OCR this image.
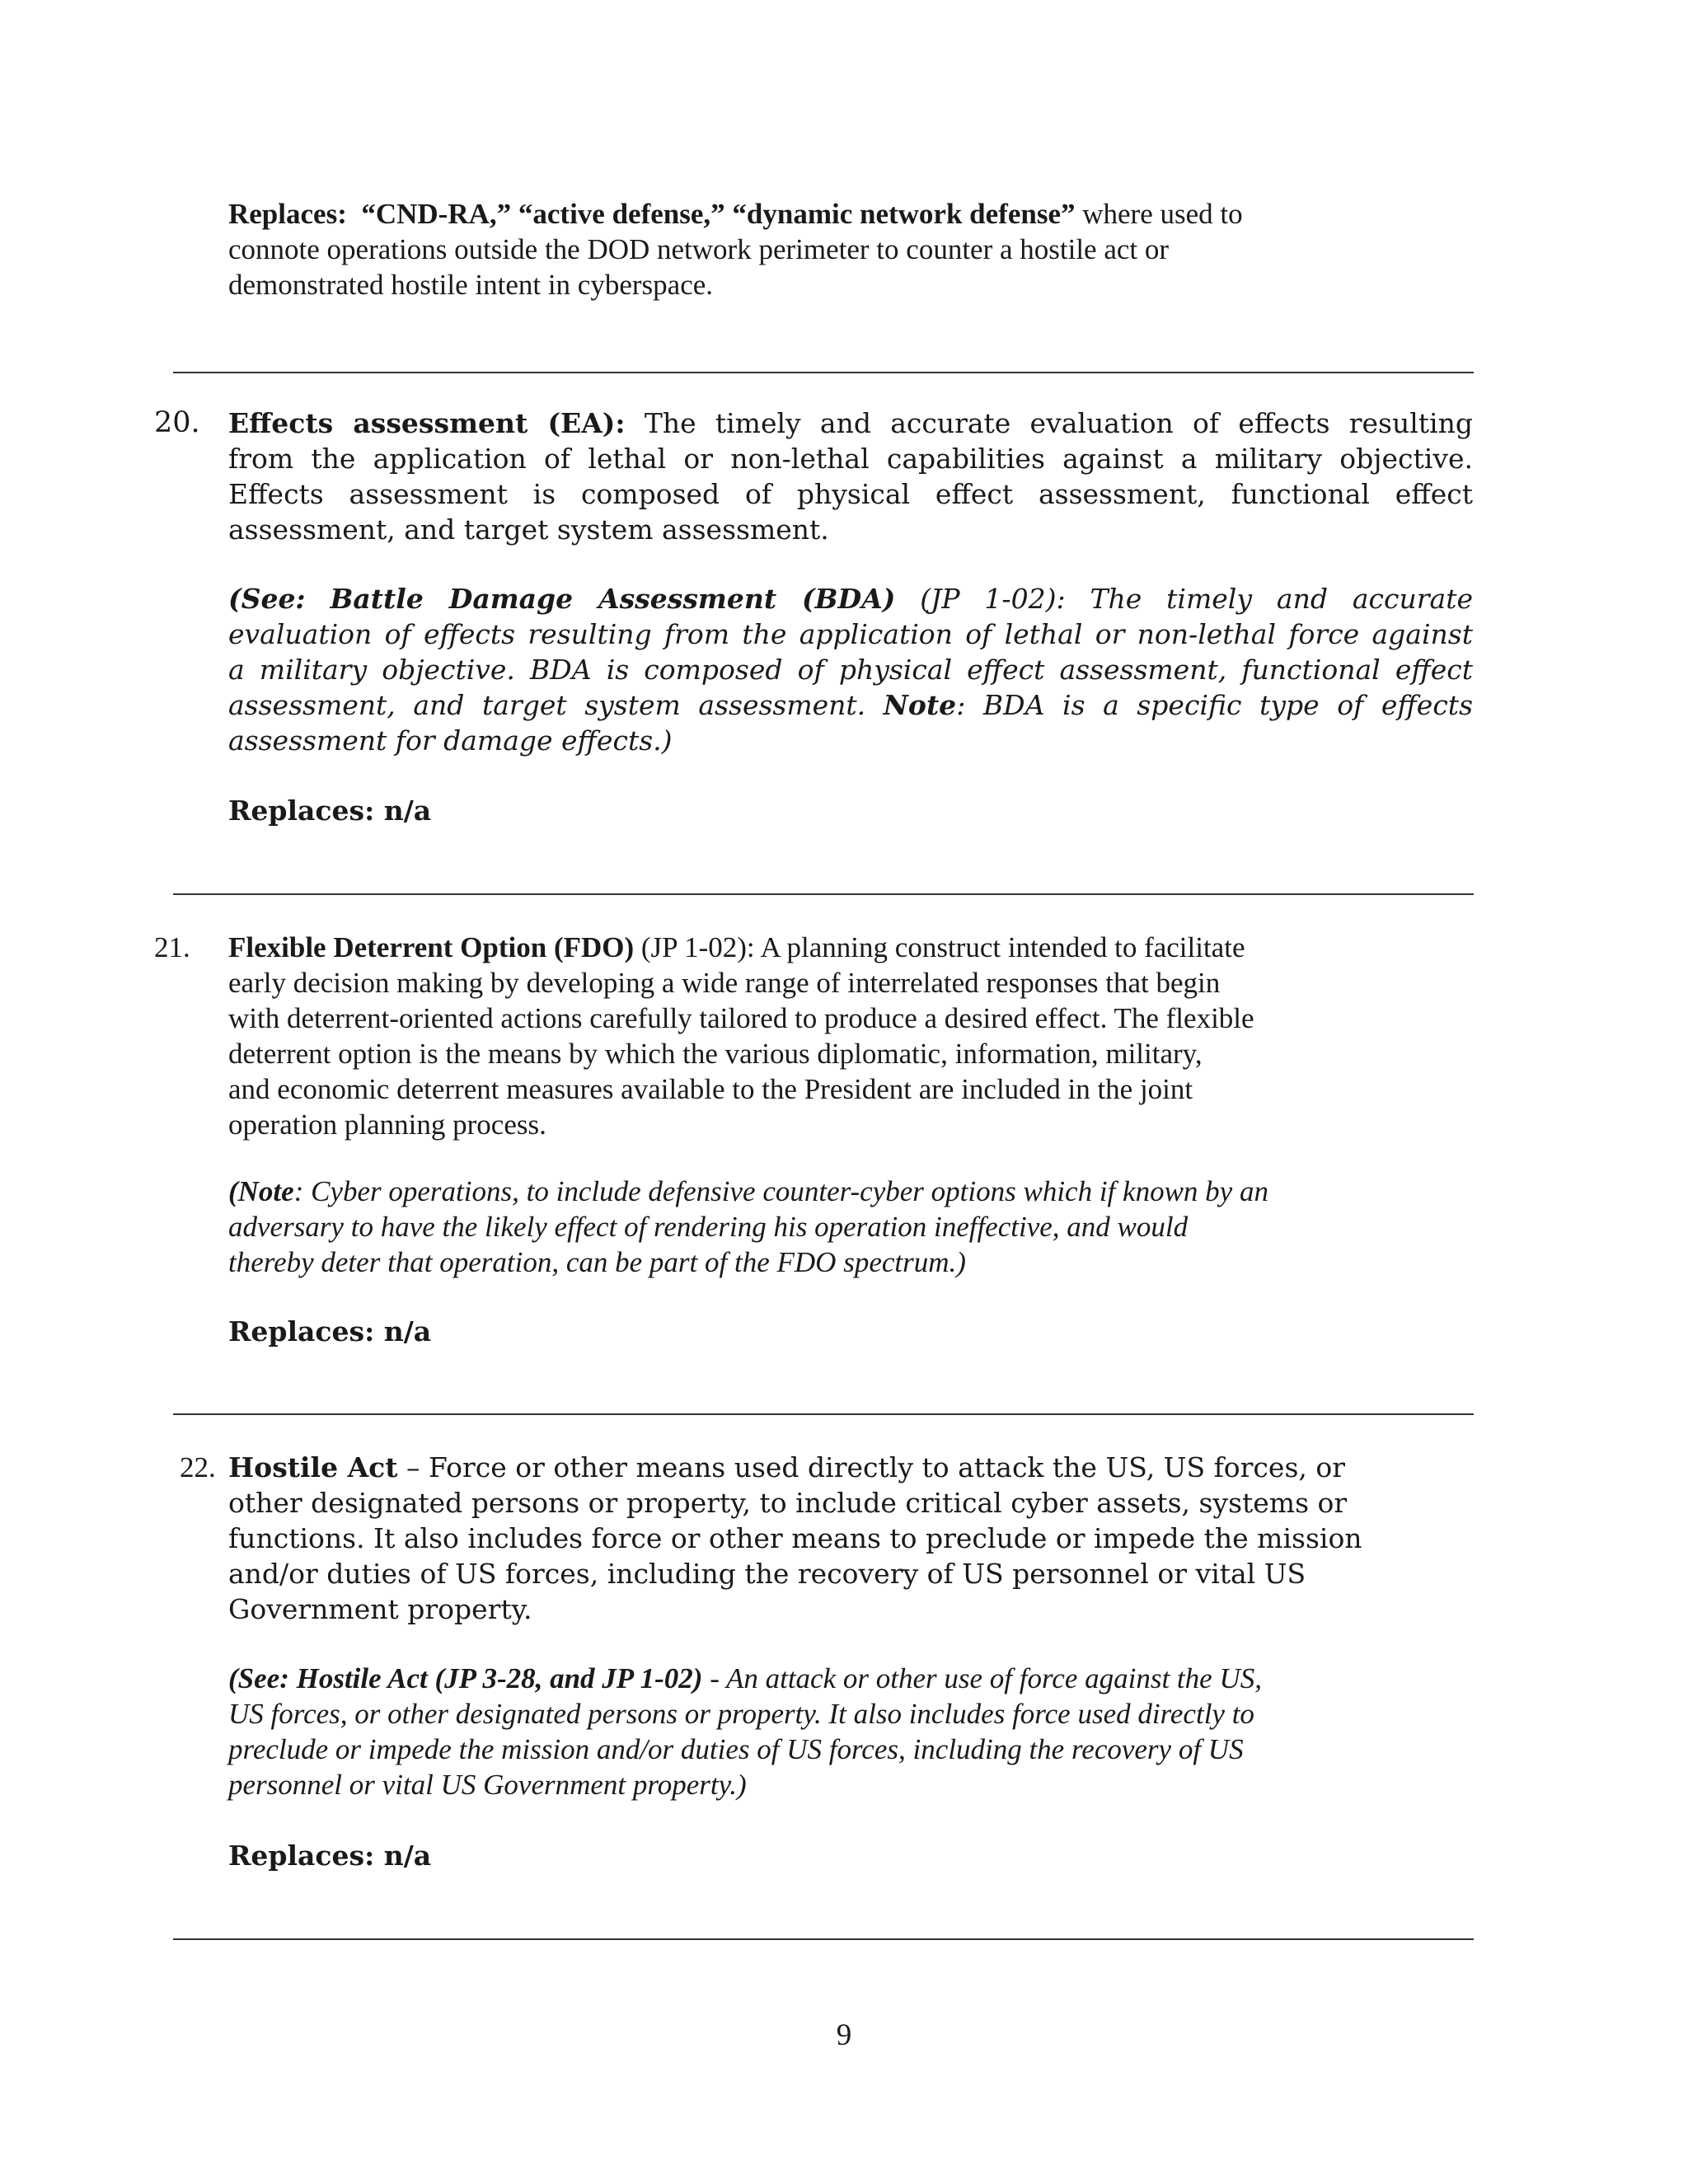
Replaces: “CND-RA,” “active defense,” “dynamic network defense” where used to
connote operations outside the DOD network perimeter to counter a hostile act or
demonstrated hostile intent in cyberspace.
20. Effects assessment (EA): The timely and accurate evaluation of effects resulting
from the application of lethal or non-lethal capabilities against a military objective.
Effects assessment is composed of physical effect assessment, functional effect
assessment, and target system assessment.
(See: Battle Damage Assessment (BDA) (JP 1-02): The timely and accurate
evaluation of effects resulting from the application of lethal or non-lethal force against
a military objective. BDA is composed of physical effect assessment, functional effect
assessment, and target system assessment. Note: BDA is a specific type of effects
assessment for damage effects.)
Replaces: n/a
21. Flexible Deterrent Option (FDO) (JP 1-02): A planning construct intended to facilitate
early decision making by developing a wide range of interrelated responses that begin
with deterrent-oriented actions carefully tailored to produce a desired effect. The flexible
deterrent option is the means by which the various diplomatic, information, military,
and economic deterrent measures available to the President are included in the joint
operation planning process.
(Note: Cyber operations, to include defensive counter-cyber options which if known by an
adversary to have the likely effect of rendering his operation ineffective, and would
thereby deter that operation, can be part of the FDO spectrum.)
Replaces: n/a
22. Hostile Act – Force or other means used directly to attack the US, US forces, or
other designated persons or property, to include critical cyber assets, systems or
functions. It also includes force or other means to preclude or impede the mission
and/or duties of US forces, including the recovery of US personnel or vital US
Government property.
(See: Hostile Act (JP 3-28, and JP 1-02) - An attack or other use of force against the US,
US forces, or other designated persons or property. It also includes force used directly to
preclude or impede the mission and/or duties of US forces, including the recovery of US
personnel or vital US Government property.)
Replaces: n/a
9
